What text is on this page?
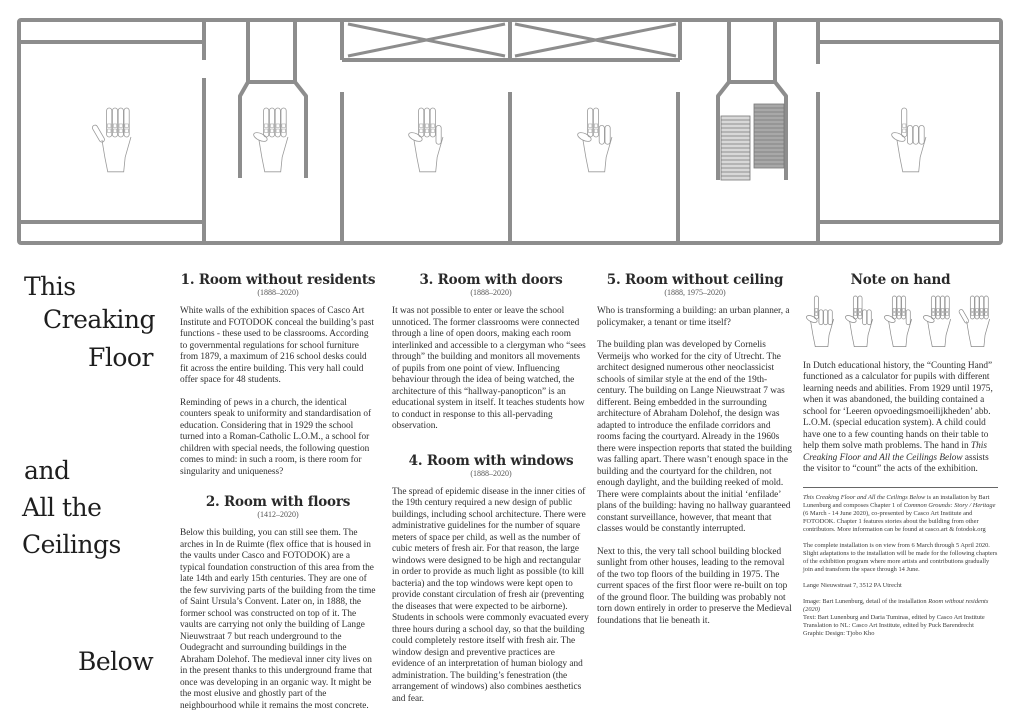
This
Creaking
Floor
and
All the
Ceilings
Below
1. Room without residents
(1888–2020)

White walls of the exhibition spaces of Casco Art Institute and FOTODOK conceal the building’s past functions - these used to be classrooms. According to governmental regulations for school furniture from 1879, a maximum of 216 school desks could fit across the entire building. This very hall could offer space for 48 students.

Reminding of pews in a church, the identical counters speak to uniformity and standardisation of education. Considering that in 1929 the school turned into a Roman-Catholic L.O.M., a school for children with special needs, the following question comes to mind: in such a room, is there room for singularity and uniqueness?

2. Room with floors
(1412–2020)

Below this building, you can still see them. The arches in In de Ruimte (flex office that is housed in the vaults under Casco and FOTODOK) are a typical foundation construction of this area from the late 14th and early 15th centuries. They are one of the few surviving parts of the building from the time of Saint Ursula’s Convent. Later on, in 1888, the former school was constructed on top of it. The vaults are carrying not only the building of Lange Nieuwstraat 7 but reach underground to the Oudegracht and surrounding buildings in the Abraham Dolehof. The medieval inner city lives on in the present thanks to this underground frame that once was developing in an organic way. It might be the most elusive and ghostly part of the neighbourhood while it remains the most concrete.

3. Room with doors
(1888–2020)

It was not possible to enter or leave the school unnoticed. The former classrooms were connected through a line of open doors, making each room interlinked and accessible to a clergyman who “sees through” the building and monitors all movements of pupils from one point of view. Influencing behaviour through the idea of being watched, the architecture of this “hallway-panopticon” is an educational system in itself. It teaches students how to conduct in response to this all-pervading observation.

4. Room with windows
(1888–2020)

The spread of epidemic disease in the inner cities of the 19th century required a new design of public buildings, including school architecture. There were administrative guidelines for the number of square meters of space per child, as well as the number of cubic meters of fresh air. For that reason, the large windows were designed to be high and rectangular in order to provide as much light as possible (to kill bacteria) and the top windows were kept open to provide constant circulation of fresh air (preventing the diseases that were expected to be airborne). Students in schools were commonly evacuated every three hours during a school day, so that the building could completely restore itself with fresh air. The window design and preventive practices are evidence of an interpretation of human biology and administration. The building’s fenestration (the arrangement of windows) also combines aesthetics and fear.

5. Room without ceiling
(1888, 1975–2020)

Who is transforming a building: an urban planner, a policymaker, a tenant or time itself?

The building plan was developed by Cornelis Vermeijs who worked for the city of Utrecht. The architect designed numerous other neoclassicist schools of similar style at the end of the 19th-century. The building on Lange Nieuwstraat 7 was different. Being embedded in the surrounding architecture of Abraham Dolehof, the design was adapted to introduce the enfilade corridors and rooms facing the courtyard. Already in the 1960s there were inspection reports that stated the building was falling apart. There wasn’t enough space in the building and the courtyard for the children, not enough daylight, and the building reeked of mold. There were complaints about the initial ‘enfilade’ plans of the building: having no hallway guaranteed constant surveillance, however, that meant that classes would be constantly interrupted.

Next to this, the very tall school building blocked sunlight from other houses, leading to the removal of the two top floors of the building in 1975. The current spaces of the first floor were re-built on top of the ground floor. The building was probably not torn down entirely in order to preserve the Medieval foundations that lie beneath it.

Note on hand

In Dutch educational history, the “Counting Hand” functioned as a calculator for pupils with different learning needs and abilities. From 1929 until 1975, when it was abandoned, the building contained a school for ‘Leeren opvoedingsmoeilijkheden’ abb. L.O.M. (special education system). A child could have one to a few counting hands on their table to help them solve math problems. The hand in This Creaking Floor and All the Ceilings Below assists the visitor to “count” the acts of the exhibition.

This Creaking Floor and All the Ceilings Below is an installation by Bart Lunenburg and composes Chapter 1 of Common Grounds: Story / Heritage (6 March - 14 June 2020), co-presented by Casco Art Institute and FOTODOK. Chapter 1 features stories about the building from other contributors. More information can be found at casco.art & fotodok.org

The complete installation is on view from 6 March through 5 April 2020. Slight adaptations to the installation will be made for the following chapters of the exhibition program where more artists and contributions gradually join and transform the space through 14 June.

Lange Nieuwstraat 7, 3512 PA Utrecht

Image: Bart Lunenburg, detail of the installation Room without residents (2020)
Text: Bart Lunenburg and Daria Tuminas, edited by Casco Art Institute
Translation to NL: Casco Art Institute, edited by Puck Barendrecht
Graphic Design: Tjobo Kho
